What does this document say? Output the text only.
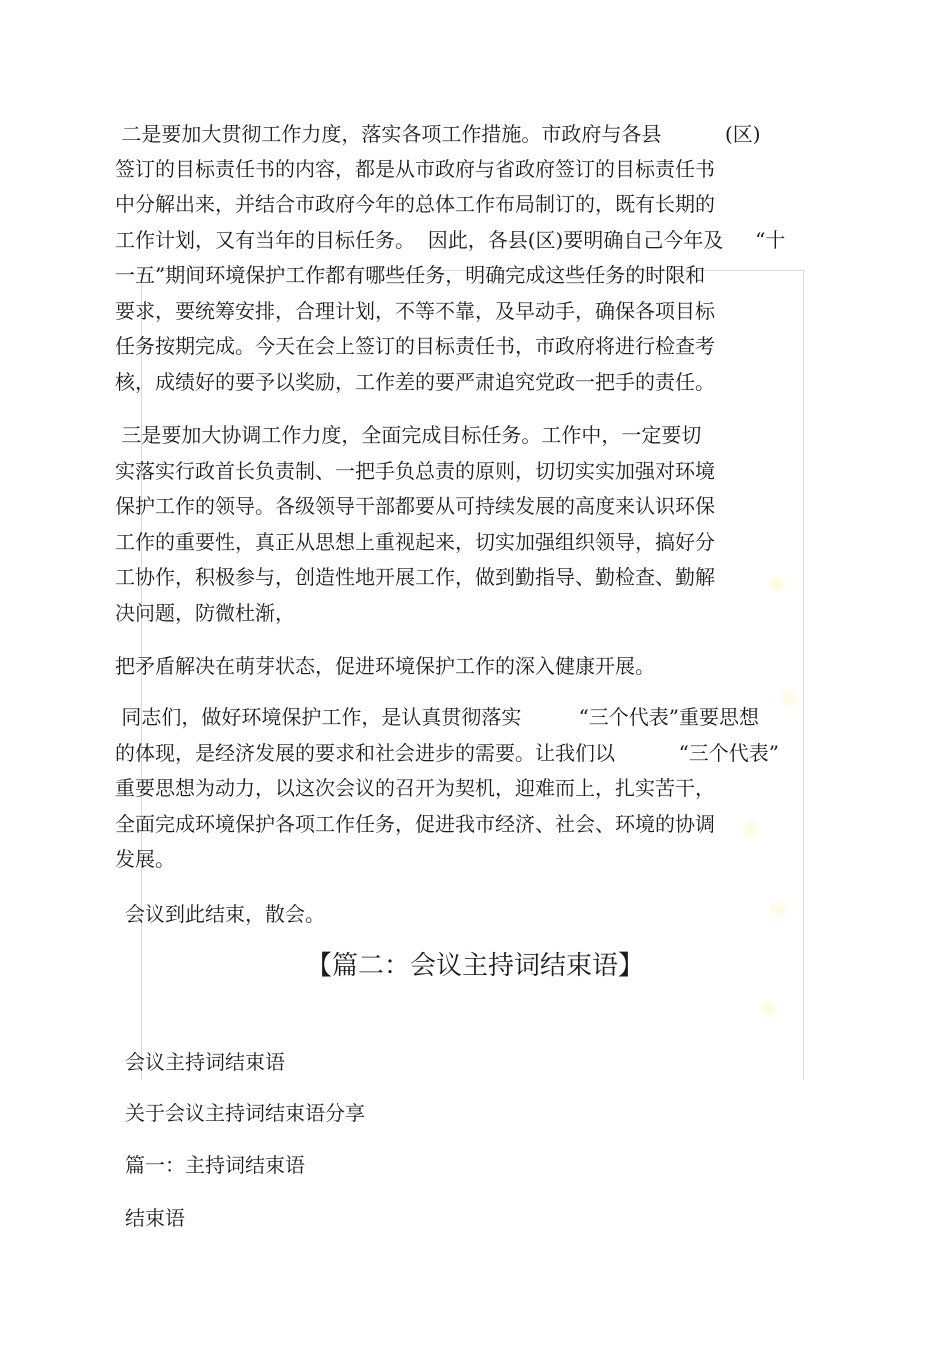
二是要加大贯彻工作力度，落实各项工作措施。市政府与各县          (区)
签订的目标责任书的内容，都是从市政府与省政府签订的目标责任书
中分解出来，并结合市政府今年的总体工作布局制订的，既有长期的
工作计划，又有当年的目标任务。  因此，各县(区)要明确自己今年及     “十
一五”期间环境保护工作都有哪些任务，明确完成这些任务的时限和
要求，要统筹安排，合理计划，不等不靠，及早动手，确保各项目标
任务按期完成。今天在会上签订的目标责任书，市政府将进行检查考
核，成绩好的要予以奖励，工作差的要严肃追究党政一把手的责任。
三是要加大协调工作力度，全面完成目标任务。工作中，一定要切
实落实行政首长负责制、一把手负总责的原则，切切实实加强对环境
保护工作的领导。各级领导干部都要从可持续发展的高度来认识环保
工作的重要性，真正从思想上重视起来，切实加强组织领导，搞好分
工协作，积极参与，创造性地开展工作，做到勤指导、勤检查、勤解
决问题，防微杜渐，

把矛盾解决在萌芽状态，促进环境保护工作的深入健康开展。

同志们，做好环境保护工作，是认真贯彻落实         “三个代表”重要思想
的体现，是经济发展的要求和社会进步的需要。让我们以          “三个代表”
重要思想为动力，以这次会议的召开为契机，迎难而上，扎实苦干，
全面完成环境保护各项工作任务，促进我市经济、社会、环境的协调
发展。

会议到此结束，散会。

【篇二：会议主持词结束语】

会议主持词结束语

关于会议主持词结束语分享

篇一：主持词结束语

结束语
